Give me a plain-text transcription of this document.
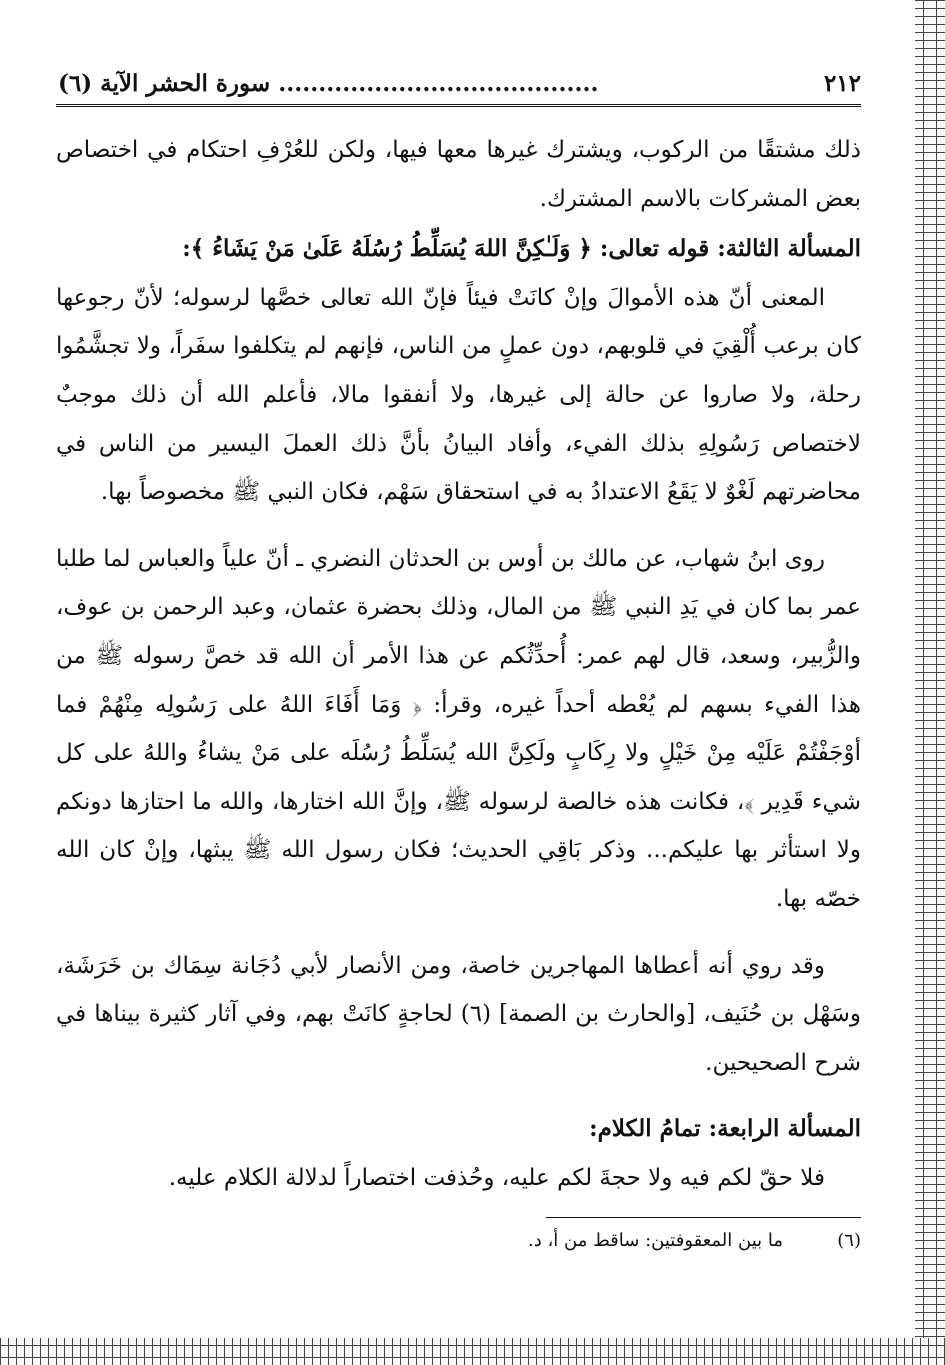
٢١٢
........................................ سورة الحشر الآية (٦)

ذلك مشتقًا من الركوب، ويشترك غيرها معها فيها، ولكن للعُرْفِ احتكام في اختصاص بعض المشركات بالاسم المشترك.

المسألة الثالثة: قوله تعالى: ﴿ وَلَـٰكِنَّ اللهَ يُسَلِّطُ رُسُلَهُ عَلَىٰ مَنْ يَشَاءُ ﴾:

المعنى أنّ هذه الأموالَ وإنْ كانَتْ فيئاً فإنّ الله تعالى خصَّها لرسوله؛ لأنّ رجوعها كان برعب أُلْقِيَ في قلوبهم، دون عملٍ من الناس، فإنهم لم يتكلفوا سفَراً، ولا تجشَّمُوا رحلة، ولا صاروا عن حالة إلى غيرها، ولا أنفقوا مالا، فأعلم الله أن ذلك موجبٌ لاختصاص رَسُولِهِ بذلك الفيء، وأفاد البيانُ بأنَّ ذلك العملَ اليسير من الناس في محاضرتهم لَغْوٌ لا يَقَعُ الاعتدادُ به في استحقاق سَهْم، فكان النبي ﷺ مخصوصاً بها.

روى ابنُ شهاب، عن مالك بن أوس بن الحدثان النضري ـ أنّ علياً والعباس لما طلبا عمر بما كان في يَدِ النبي ﷺ من المال، وذلك بحضرة عثمان، وعبد الرحمن بن عوف، والزُّبير، وسعد، قال لهم عمر: أُحدِّثُكم عن هذا الأمر أن الله قد خصَّ رسوله ﷺ من هذا الفيء بسهم لم يُعْطه أحداً غيره، وقرأ: ﴿ وَمَا أَفَاءَ اللهُ على رَسُولِه مِنْهُمْ فما أوْجَفْتُمْ عَلَيْه مِنْ خَيْلٍ ولا رِكَابٍ ولَكِنَّ الله يُسَلِّطُ رُسُلَه على مَنْ يشاءُ واللهُ على كل شيء قَدِير ﴾، فكانت هذه خالصة لرسوله ﷺ، وإنَّ الله اختارها، والله ما احتازها دونكم ولا استأثر بها عليكم... وذكر بَاقِي الحديث؛ فكان رسول الله ﷺ يبثها، وإنْ كان الله خصّه بها.

وقد روي أنه أعطاها المهاجرين خاصة، ومن الأنصار لأبي دُجَانة سِمَاك بن خَرَشَة، وسَهْل بن حُنَيف، [والحارث بن الصمة] (٦) لحاجةٍ كانَتْ بهم، وفي آثار كثيرة بيناها في شرح الصحيحين.

المسألة الرابعة: تمامُ الكلام:

فلا حقّ لكم فيه ولا حجةَ لكم عليه، وحُذفت اختصاراً لدلالة الكلام عليه.

(٦)
ما بين المعقوفتين: ساقط من أ، د.
